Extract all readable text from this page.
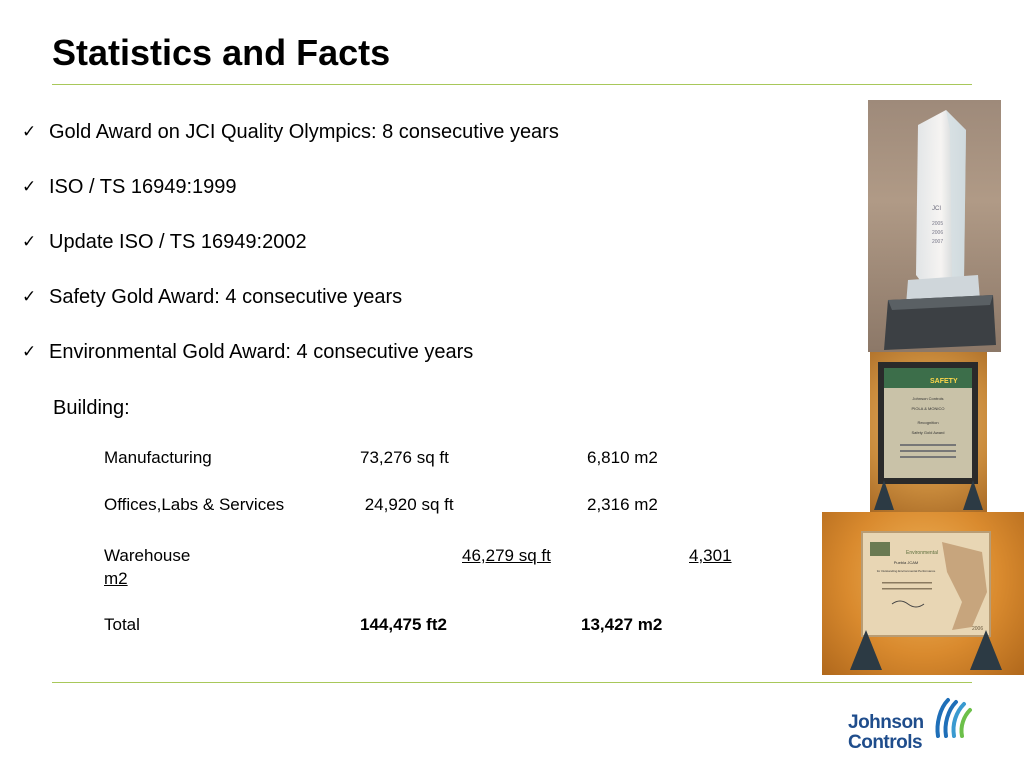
Statistics and Facts
✓ Gold Award on JCI Quality Olympics: 8 consecutive years
✓ ISO / TS 16949:1999
✓ Update ISO / TS 16949:2002
✓ Safety Gold Award: 4 consecutive years
✓ Environmental Gold Award: 4 consecutive years
Building:
Manufacturing	73,276 sq ft	6,810 m2
Offices,Labs & Services	24,920 sq ft	2,316 m2
Warehouse	46,279 sq ft	4,301
m2
Total	144,475 ft2	13,427 m2
JCI
2005
2006
2007
SAFETY
Johnson Controls
PIOLA & MONICO
Recognition
Safety Gold Award
Environmental
Puebla JCAM
for Outstanding Environmental Performance
2006
Johnson
Controls
